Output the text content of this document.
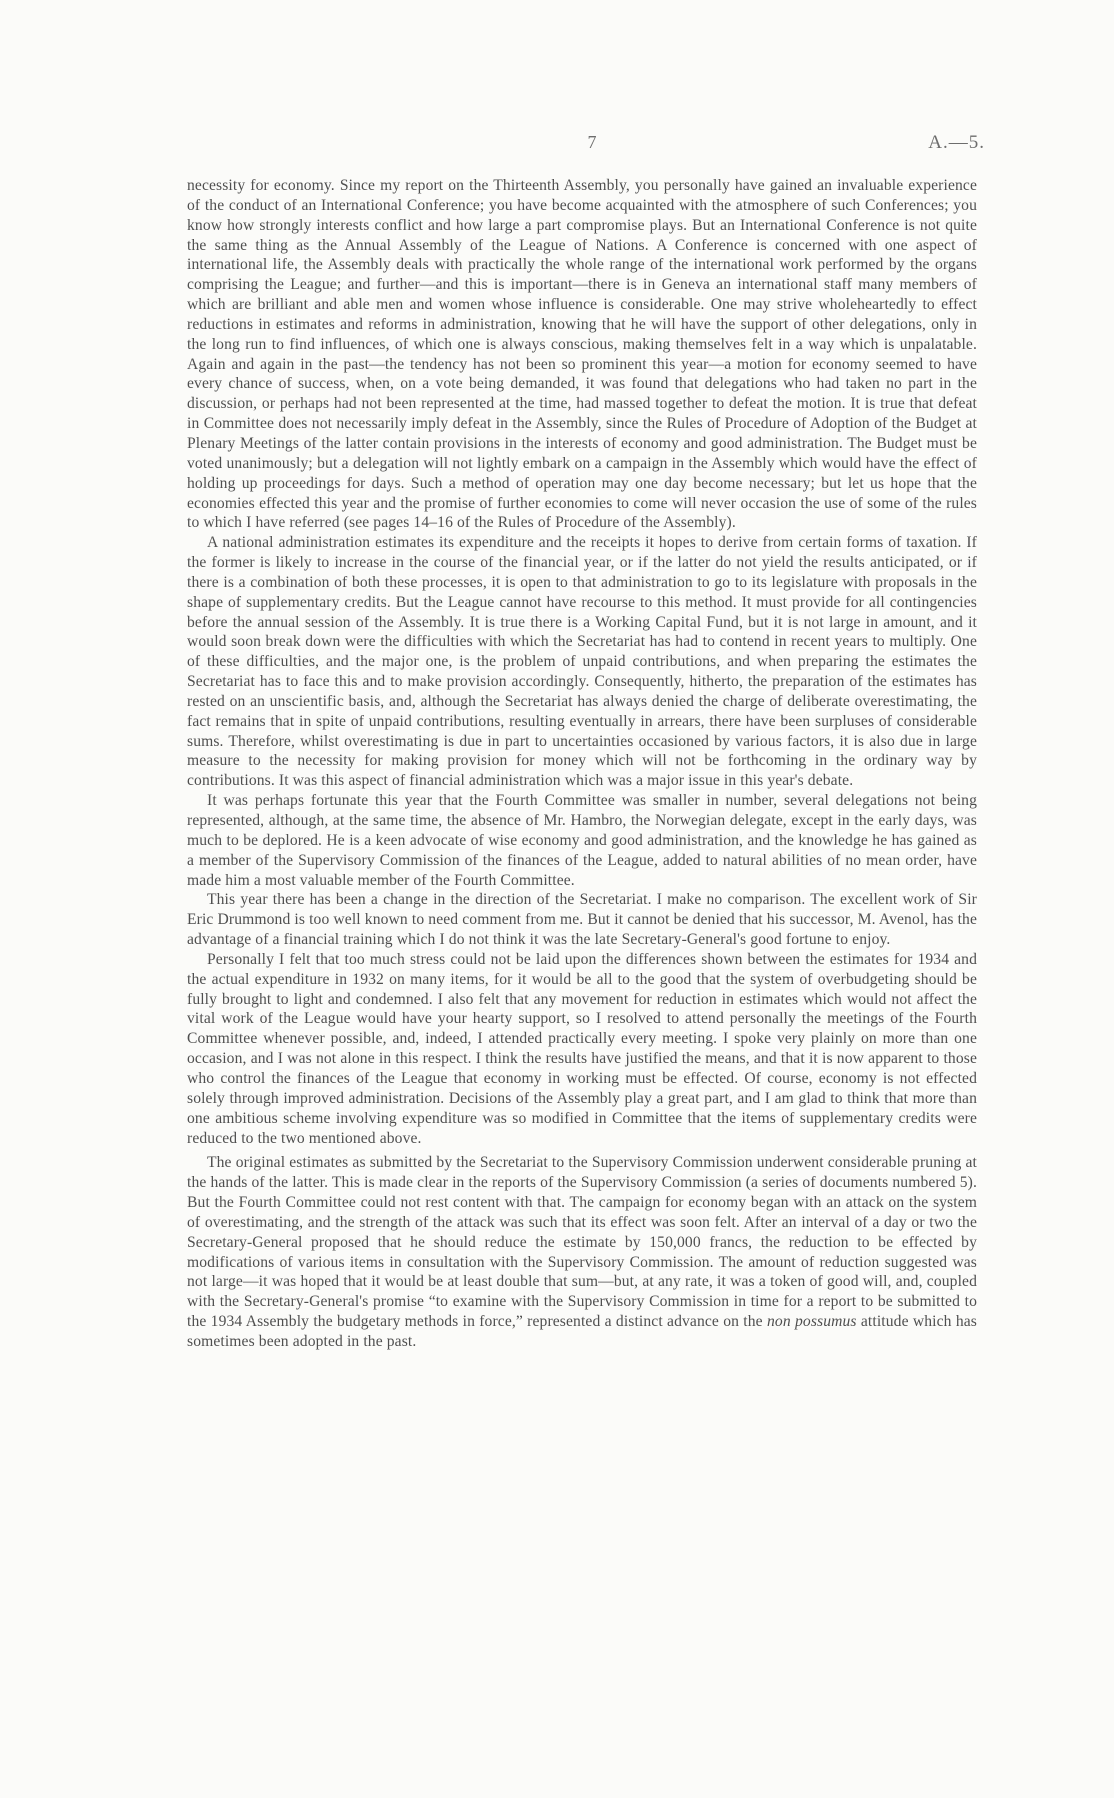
7	A.—5.

necessity for economy. Since my report on the Thirteenth Assembly, you personally have gained an invaluable experience of the conduct of an International Conference; you have become acquainted with the atmosphere of such Conferences; you know how strongly interests conflict and how large a part compromise plays. But an International Conference is not quite the same thing as the Annual Assembly of the League of Nations. A Conference is concerned with one aspect of international life, the Assembly deals with practically the whole range of the international work performed by the organs comprising the League; and further—and this is important—there is in Geneva an international staff many members of which are brilliant and able men and women whose influence is considerable. One may strive wholeheartedly to effect reductions in estimates and reforms in administration, knowing that he will have the support of other delegations, only in the long run to find influences, of which one is always conscious, making themselves felt in a way which is unpalatable. Again and again in the past—the tendency has not been so prominent this year—a motion for economy seemed to have every chance of success, when, on a vote being demanded, it was found that delegations who had taken no part in the discussion, or perhaps had not been represented at the time, had massed together to defeat the motion. It is true that defeat in Committee does not necessarily imply defeat in the Assembly, since the Rules of Procedure of Adoption of the Budget at Plenary Meetings of the latter contain provisions in the interests of economy and good administration. The Budget must be voted unanimously; but a delegation will not lightly embark on a campaign in the Assembly which would have the effect of holding up proceedings for days. Such a method of operation may one day become necessary; but let us hope that the economies effected this year and the promise of further economies to come will never occasion the use of some of the rules to which I have referred (see pages 14–16 of the Rules of Procedure of the Assembly).

A national administration estimates its expenditure and the receipts it hopes to derive from certain forms of taxation. If the former is likely to increase in the course of the financial year, or if the latter do not yield the results anticipated, or if there is a combination of both these processes, it is open to that administration to go to its legislature with proposals in the shape of supplementary credits. But the League cannot have recourse to this method. It must provide for all contingencies before the annual session of the Assembly. It is true there is a Working Capital Fund, but it is not large in amount, and it would soon break down were the difficulties with which the Secretariat has had to contend in recent years to multiply. One of these difficulties, and the major one, is the problem of unpaid contributions, and when preparing the estimates the Secretariat has to face this and to make provision accordingly. Consequently, hitherto, the preparation of the estimates has rested on an unscientific basis, and, although the Secretariat has always denied the charge of deliberate overestimating, the fact remains that in spite of unpaid contributions, resulting eventually in arrears, there have been surpluses of considerable sums. Therefore, whilst overestimating is due in part to uncertainties occasioned by various factors, it is also due in large measure to the necessity for making provision for money which will not be forthcoming in the ordinary way by contributions. It was this aspect of financial administration which was a major issue in this year's debate.

It was perhaps fortunate this year that the Fourth Committee was smaller in number, several delegations not being represented, although, at the same time, the absence of Mr. Hambro, the Norwegian delegate, except in the early days, was much to be deplored. He is a keen advocate of wise economy and good administration, and the knowledge he has gained as a member of the Supervisory Commission of the finances of the League, added to natural abilities of no mean order, have made him a most valuable member of the Fourth Committee.

This year there has been a change in the direction of the Secretariat. I make no comparison. The excellent work of Sir Eric Drummond is too well known to need comment from me. But it cannot be denied that his successor, M. Avenol, has the advantage of a financial training which I do not think it was the late Secretary-General's good fortune to enjoy.

Personally I felt that too much stress could not be laid upon the differences shown between the estimates for 1934 and the actual expenditure in 1932 on many items, for it would be all to the good that the system of overbudgeting should be fully brought to light and condemned. I also felt that any movement for reduction in estimates which would not affect the vital work of the League would have your hearty support, so I resolved to attend personally the meetings of the Fourth Committee whenever possible, and, indeed, I attended practically every meeting. I spoke very plainly on more than one occasion, and I was not alone in this respect. I think the results have justified the means, and that it is now apparent to those who control the finances of the League that economy in working must be effected. Of course, economy is not effected solely through improved administration. Decisions of the Assembly play a great part, and I am glad to think that more than one ambitious scheme involving expenditure was so modified in Committee that the items of supplementary credits were reduced to the two mentioned above.

The original estimates as submitted by the Secretariat to the Supervisory Commission underwent considerable pruning at the hands of the latter. This is made clear in the reports of the Supervisory Commission (a series of documents numbered 5). But the Fourth Committee could not rest content with that. The campaign for economy began with an attack on the system of overestimating, and the strength of the attack was such that its effect was soon felt. After an interval of a day or two the Secretary-General proposed that he should reduce the estimate by 150,000 francs, the reduction to be effected by modifications of various items in consultation with the Supervisory Commission. The amount of reduction suggested was not large—it was hoped that it would be at least double that sum—but, at any rate, it was a token of good will, and, coupled with the Secretary-General's promise “to examine with the Supervisory Commission in time for a report to be submitted to the 1934 Assembly the budgetary methods in force,” represented a distinct advance on the non possumus attitude which has sometimes been adopted in the past.
